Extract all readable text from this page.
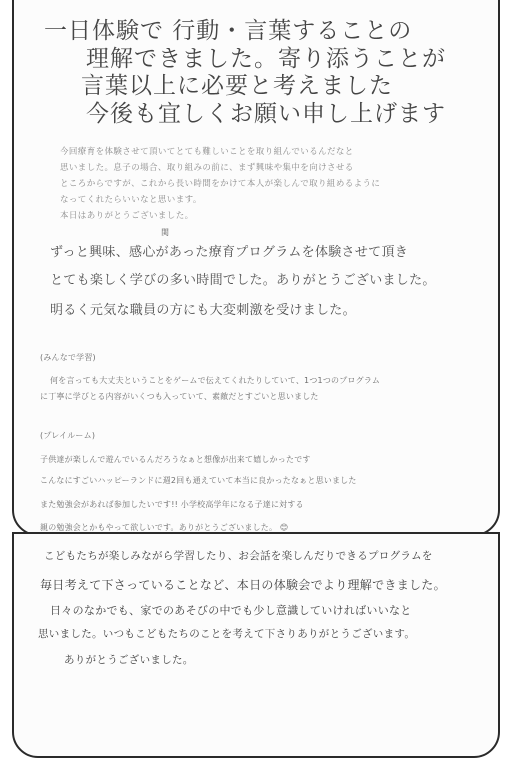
一日体験で 行動・言葉することの
理解できました。寄り添うことが
言葉以上に必要と考えました
今後も宜しくお願い申し上げます
今回療育を体験させて頂いてとても難しいことを取り組んでいるんだなと
思いました。息子の場合、取り組みの前に、まず興味や集中を向けさせる
ところからですが、これから長い時間をかけて本人が楽しんで取り組めるように
なってくれたらいいなと思います。
本日はありがとうございました。
関
ずっと興味、感心があった療育プログラムを体験させて頂き
とても楽しく学びの多い時間でした。ありがとうございました。
明るく元気な職員の方にも大変刺激を受けました。
(みんなで学習)
何を言っても大丈夫ということをゲームで伝えてくれたりしていて、1つ1つのプログラム
に丁寧に学びとる内容がいくつも入っていて、素敵だとすごいと思いました
(プレイルーム)
子供達が楽しんで遊んでいるんだろうなぁと想像が出来て嬉しかったです
こんなにすごいハッピーランドに週2回も通えていて本当に良かったなぁと思いました
また勉強会があれば参加したいです!! 小学校高学年になる子達に対する
親の勉強会とかもやって欲しいです。ありがとうございました。 😊
こどもたちが楽しみながら学習したり、お会話を楽しんだりできるプログラムを
毎日考えて下さっていることなど、本日の体験会でより理解できました。
日々のなかでも、家でのあそびの中でも少し意識していければいいなと
思いました。いつもこどもたちのことを考えて下さりありがとうございます。
ありがとうございました。
